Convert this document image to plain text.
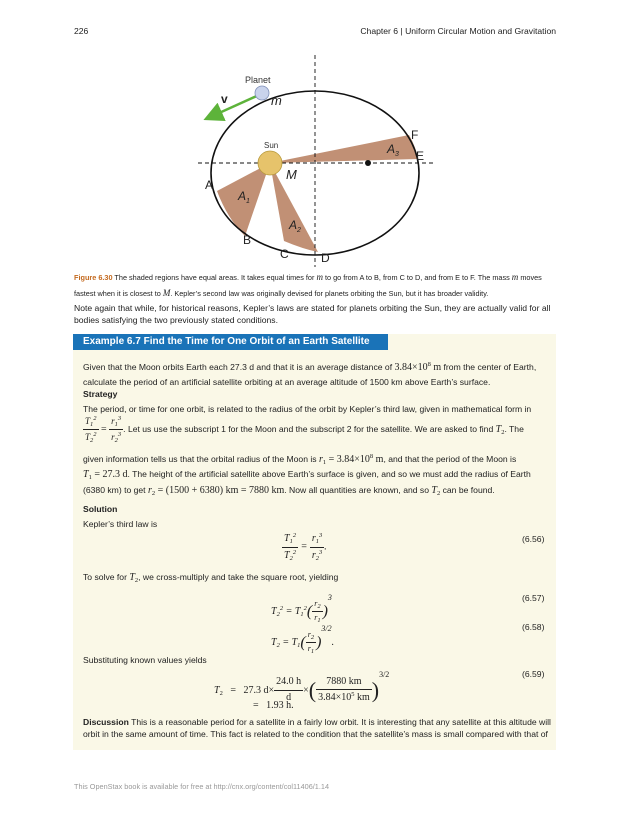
226	Chapter 6 | Uniform Circular Motion and Gravitation
Planet
v	m
Sun
M
A
B
C	D
E
F
$A_1$
$A_2$
$A_3$
Figure 6.30 The shaded regions have equal areas. It takes equal times for m to go from A to B, from C to D, and from E to F. The mass m moves
fastest when it is closest to M. Kepler’s second law was originally devised for planets orbiting the Sun, but it has broader validity.
Note again that while, for historical reasons, Kepler’s laws are stated for planets orbiting the Sun, they are actually valid for all bodies satisfying the two previously stated conditions.
Example 6.7 Find the Time for One Orbit of an Earth Satellite
Given that the Moon orbits Earth each 27.3 d and that it is an average distance of $3.84\times 10^8$ m from the center of Earth,
calculate the period of an artificial satellite orbiting at an average altitude of 1500 km above Earth’s surface.
Strategy
The period, or time for one orbit, is related to the radius of the orbit by Kepler’s third law, given in mathematical form in
$\frac{T_1^2}{T_2^2} = \frac{r_1^3}{r_2^3}$ . Let us use the subscript 1 for the Moon and the subscript 2 for the satellite. We are asked to find $T_2$. The
given information tells us that the orbital radius of the Moon is $r_1 = 3.84\times 10^8$ m, and that the period of the Moon is
$T_1 = 27.3$ d. The height of the artificial satellite above Earth’s surface is given, and so we must add the radius of Earth
(6380 km) to get $r_2 = (1500 + 6380)$ km = 7880 km. Now all quantities are known, and so $T_2$ can be found.
Solution
Kepler’s third law is
$\frac{T_1^2}{T_2^2} = \frac{r_1^3}{r_2^3}$ .
(6.56)
To solve for $T_2$, we cross-multiply and take the square root, yielding
$T_2^2 = T_1^2( \frac{r_2}{r_1} )^3$	(6.57)
$T_2 = T_1( \frac{r_2}{r_1} )^{3/2}$.
(6.58)
Substituting known values yields
$T_2 = 27.3$ $d\times \frac{24.0 h}{d}$ ×( $\frac{7880 km}{3.84\times 10^5 km} )^{3/2}$	(6.59)
=   1.93 h.
Discussion This is a reasonable period for a satellite in a fairly low orbit. It is interesting that any satellite at this altitude will
orbit in the same amount of time. This fact is related to the condition that the satellite’s mass is small compared with that of
This OpenStax book is available for free at http://cnx.org/content/col11406/1.14
